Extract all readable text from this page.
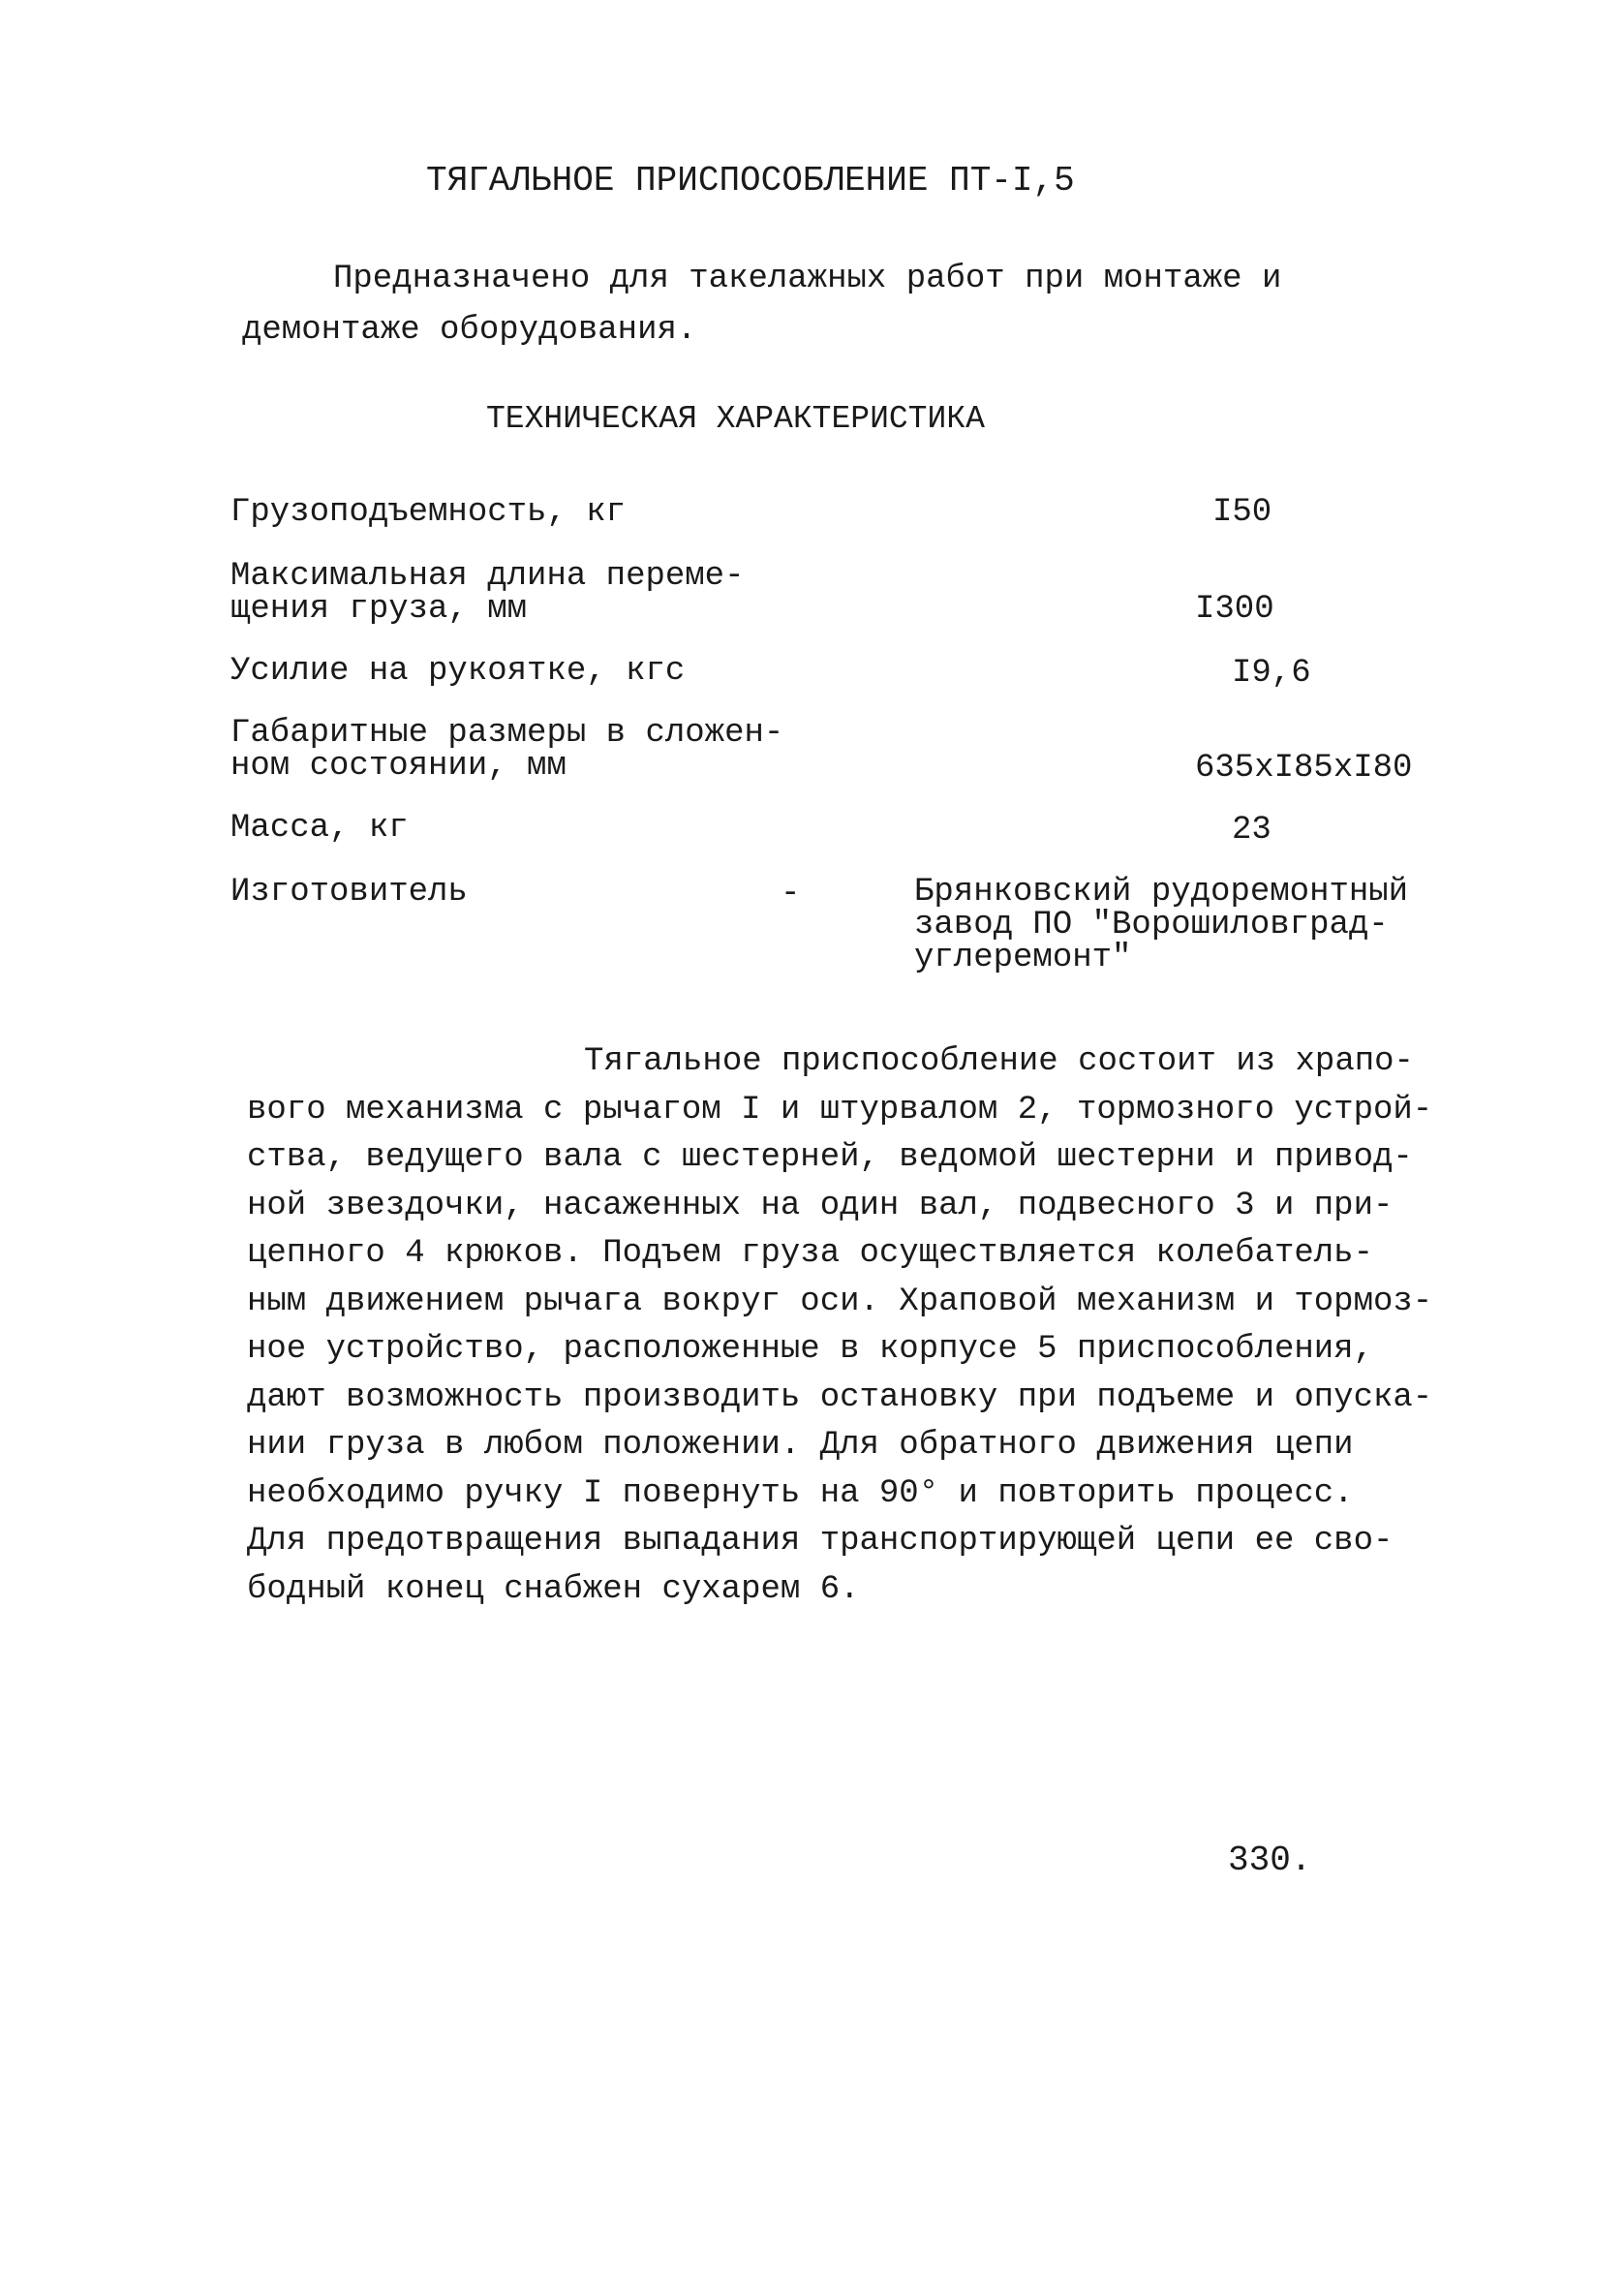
ТЯГАЛЬНОЕ ПРИСПОСОБЛЕНИЕ ПТ-I,5
Предназначено для такелажных работ при монтаже и
демонтаже оборудования.
ТЕХНИЧЕСКАЯ ХАРАКТЕРИСТИКА
Грузоподъемность, кг	I50
Максимальная длина переме-
щения груза, мм	I300
Усилие на рукоятке, кгс	I9,6
Габаритные размеры в сложен-
ном состоянии, мм	635хI85хI80
Масса, кг	23
Изготовитель	-	Брянковский рудоремонтный
завод ПО "Ворошиловград-
углеремонт"
Тягальное приспособление состоит из храпо-
вого механизма с рычагом I и штурвалом 2, тормозного устрой-
ства, ведущего вала с шестерней, ведомой шестерни и привод-
ной звездочки, насаженных на один вал, подвесного 3 и при-
цепного 4 крюков. Подъем груза осуществляется колебатель-
ным движением рычага вокруг оси. Храповой механизм и тормоз-
ное устройство, расположенные в корпусе 5 приспособления,
дают возможность производить остановку при подъеме и опуска-
нии груза в любом положении. Для обратного движения цепи
необходимо ручку I повернуть на 90° и повторить процесс.
Для предотвращения выпадания транспортирующей цепи ее сво-
бодный конец снабжен сухарем 6.
330.
